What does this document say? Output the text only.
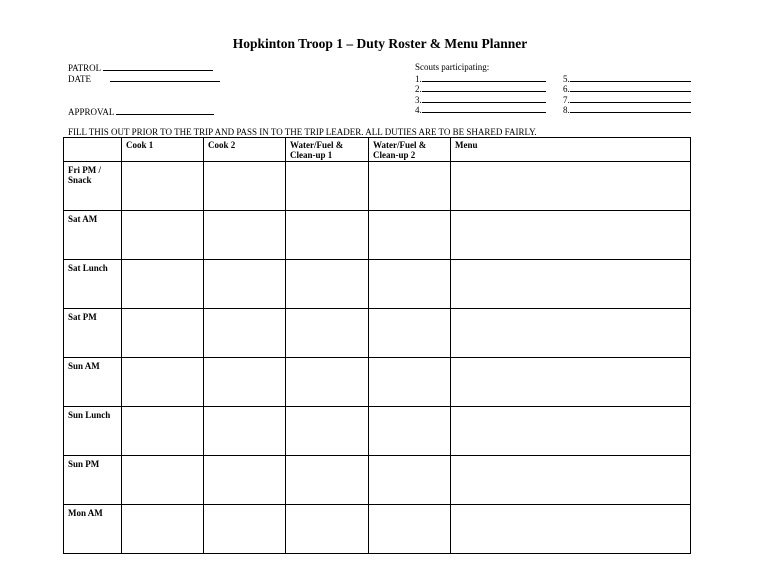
Hopkinton Troop 1 – Duty Roster & Menu Planner
PATROL
DATE
APPROVAL
Scouts participating:
1.	5.
2.	6.
3.	7.
4.	8.
FILL THIS OUT PRIOR TO THE TRIP AND PASS IN TO THE TRIP LEADER. ALL DUTIES ARE TO BE SHARED FAIRLY.
	Cook 1	Cook 2	Water/Fuel & Clean-up 1	Water/Fuel & Clean-up 2	Menu
Fri PM / Snack					
Sat AM					
Sat Lunch					
Sat PM					
Sun AM					
Sun Lunch					
Sun PM					
Mon AM					
